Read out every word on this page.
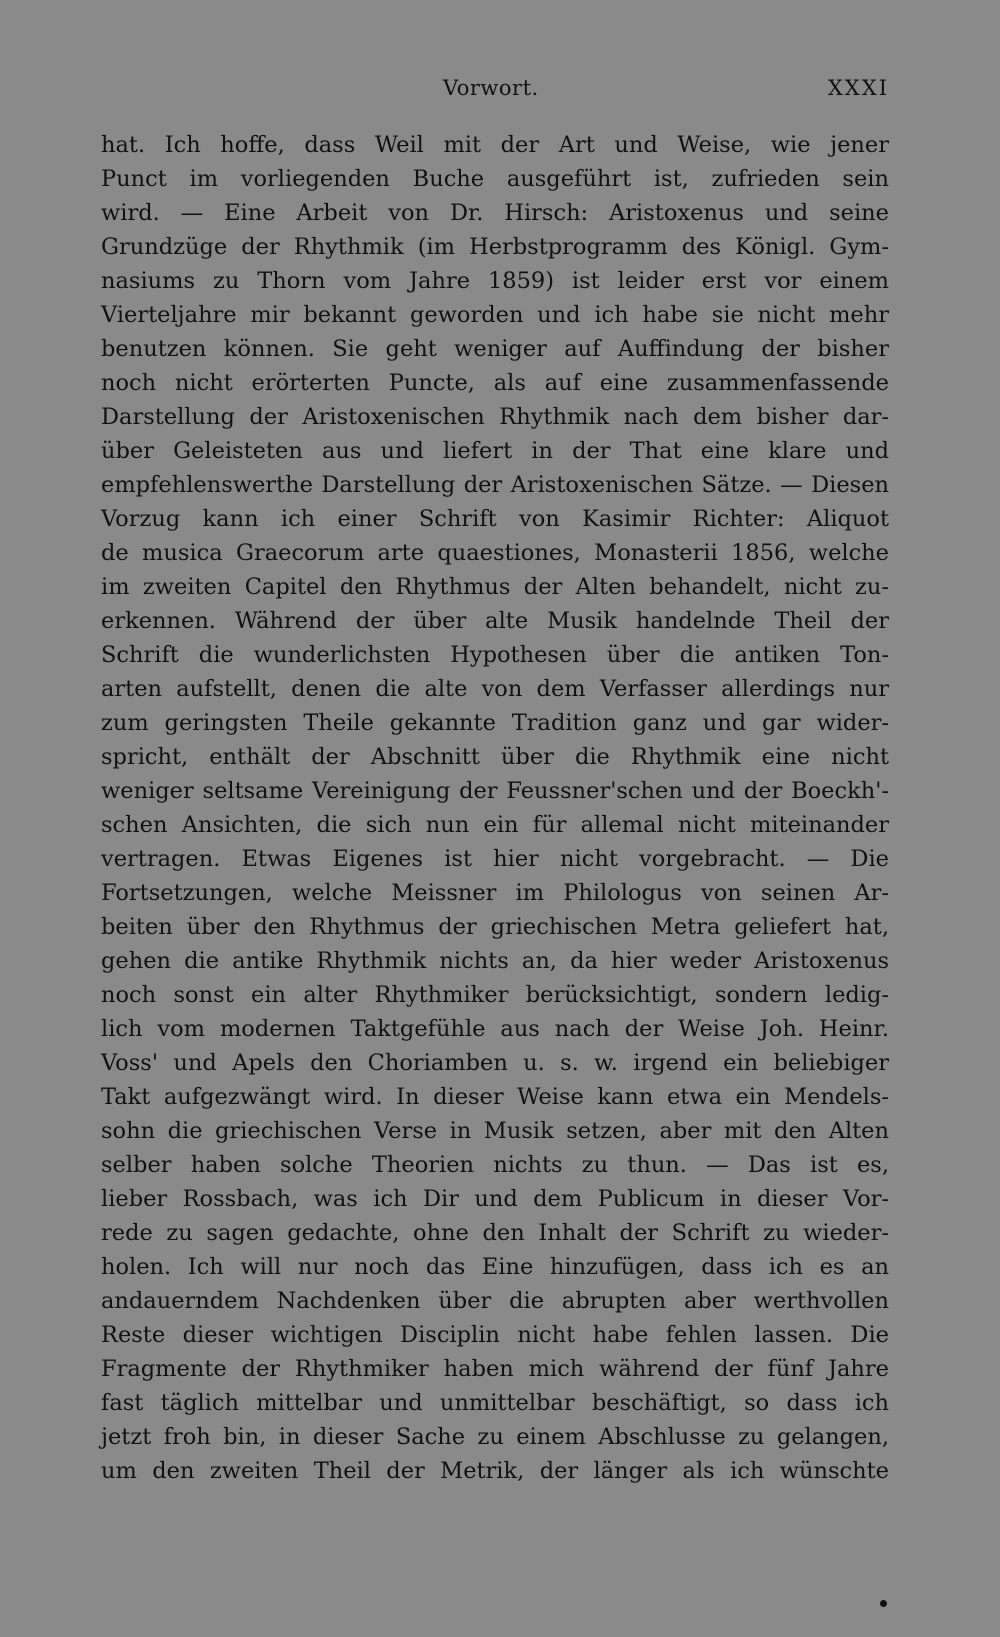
Vorwort.	XXXI
hat. Ich hoffe, dass Weil mit der Art und Weise, wie jener
Punct im vorliegenden Buche ausgeführt ist, zufrieden sein
wird. — Eine Arbeit von Dr. Hirsch: Aristoxenus und seine
Grundzüge der Rhythmik (im Herbstprogramm des Königl. Gym-
nasiums zu Thorn vom Jahre 1859) ist leider erst vor einem
Vierteljahre mir bekannt geworden und ich habe sie nicht mehr
benutzen können. Sie geht weniger auf Auffindung der bisher
noch nicht erörterten Puncte, als auf eine zusammenfassende
Darstellung der Aristoxenischen Rhythmik nach dem bisher dar-
über Geleisteten aus und liefert in der That eine klare und
empfehlenswerthe Darstellung der Aristoxenischen Sätze. — Diesen
Vorzug kann ich einer Schrift von Kasimir Richter: Aliquot
de musica Graecorum arte quaestiones, Monasterii 1856, welche
im zweiten Capitel den Rhythmus der Alten behandelt, nicht zu-
erkennen. Während der über alte Musik handelnde Theil der
Schrift die wunderlichsten Hypothesen über die antiken Ton-
arten aufstellt, denen die alte von dem Verfasser allerdings nur
zum geringsten Theile gekannte Tradition ganz und gar wider-
spricht, enthält der Abschnitt über die Rhythmik eine nicht
weniger seltsame Vereinigung der Feussner'schen und der Boeckh'-
schen Ansichten, die sich nun ein für allemal nicht miteinander
vertragen. Etwas Eigenes ist hier nicht vorgebracht. — Die
Fortsetzungen, welche Meissner im Philologus von seinen Ar-
beiten über den Rhythmus der griechischen Metra geliefert hat,
gehen die antike Rhythmik nichts an, da hier weder Aristoxenus
noch sonst ein alter Rhythmiker berücksichtigt, sondern ledig-
lich vom modernen Taktgefühle aus nach der Weise Joh. Heinr.
Voss' und Apels den Choriamben u. s. w. irgend ein beliebiger
Takt aufgezwängt wird. In dieser Weise kann etwa ein Mendels-
sohn die griechischen Verse in Musik setzen, aber mit den Alten
selber haben solche Theorien nichts zu thun. — Das ist es,
lieber Rossbach, was ich Dir und dem Publicum in dieser Vor-
rede zu sagen gedachte, ohne den Inhalt der Schrift zu wieder-
holen. Ich will nur noch das Eine hinzufügen, dass ich es an
andauerndem Nachdenken über die abrupten aber werthvollen
Reste dieser wichtigen Disciplin nicht habe fehlen lassen. Die
Fragmente der Rhythmiker haben mich während der fünf Jahre
fast täglich mittelbar und unmittelbar beschäftigt, so dass ich
jetzt froh bin, in dieser Sache zu einem Abschlusse zu gelangen,
um den zweiten Theil der Metrik, der länger als ich wünschte
